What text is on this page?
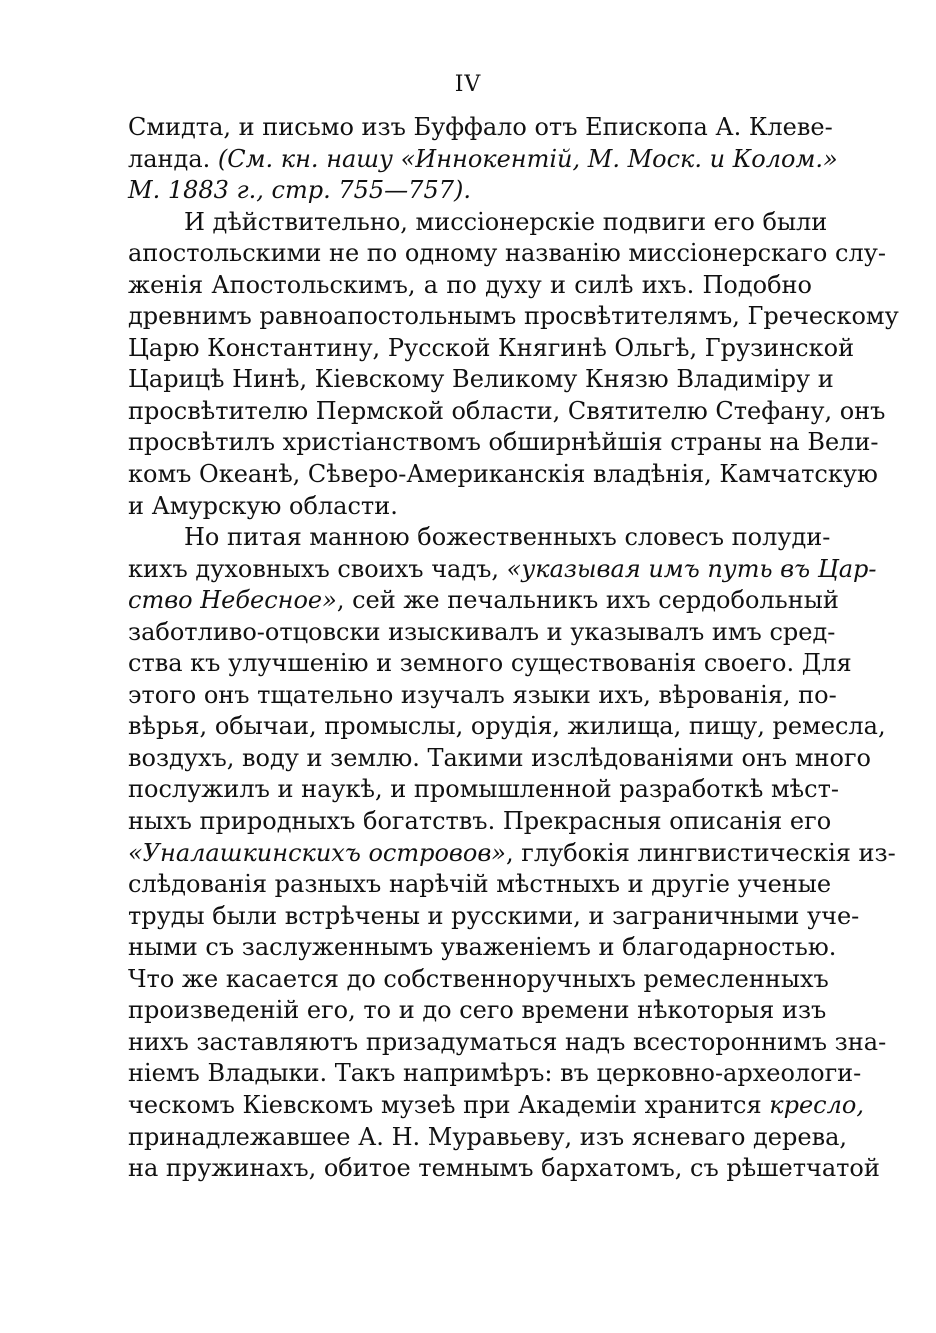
IV
Смидта, и письмо изъ Буффало отъ Епископа А. Клеве-
ланда. (См. кн. нашу «Иннокентій, М. Моск. и Колом.»
М. 1883 г., стр. 755—757).
И дѣйствительно, миссіонерскіе подвиги его были
апостольскими не по одному названію миссіонерскаго слу-
женія Апостольскимъ, а по духу и силѣ ихъ. Подобно
древнимъ равноапостольнымъ просвѣтителямъ, Греческому
Царю Константину, Русской Княгинѣ Ольгѣ, Грузинской
Царицѣ Нинѣ, Кіевскому Великому Князю Владиміру и
просвѣтителю Пермской области, Святителю Стефану, онъ
просвѣтилъ христіанствомъ обширнѣйшія страны на Вели-
комъ Океанѣ, Сѣверо-Американскія владѣнія, Камчатскую
и Амурскую области.
Но питая манною божественныхъ словесъ полуди-
кихъ духовныхъ своихъ чадъ, «указывая имъ путь въ Цар-
ство Небесное», сей же печальникъ ихъ сердобольный
заботливо-отцовски изыскивалъ и указывалъ имъ сред-
ства къ улучшенію и земного существованія своего. Для
этого онъ тщательно изучалъ языки ихъ, вѣрованія, по-
вѣрья, обычаи, промыслы, орудія, жилища, пищу, ремесла,
воздухъ, воду и землю. Такими изслѣдованіями онъ много
послужилъ и наукѣ, и промышленной разработкѣ мѣст-
ныхъ природныхъ богатствъ. Прекрасныя описанія его
«Уналашкинскихъ островов», глубокія лингвистическія из-
слѣдованія разныхъ нарѣчій мѣстныхъ и другіе ученые
труды были встрѣчены и русскими, и заграничными уче-
ными съ заслуженнымъ уваженіемъ и благодарностью.
Что же касается до собственноручныхъ ремесленныхъ
произведеній его, то и до сего времени нѣкоторыя изъ
нихъ заставляютъ призадуматься надъ всестороннимъ зна-
ніемъ Владыки. Такъ напримѣръ: въ церковно-археологи-
ческомъ Кіевскомъ музеѣ при Академіи хранится кресло,
принадлежавшее А. Н. Муравьеву, изъ ясневаго дерева,
на пружинахъ, обитое темнымъ бархатомъ, съ рѣшетчатой
